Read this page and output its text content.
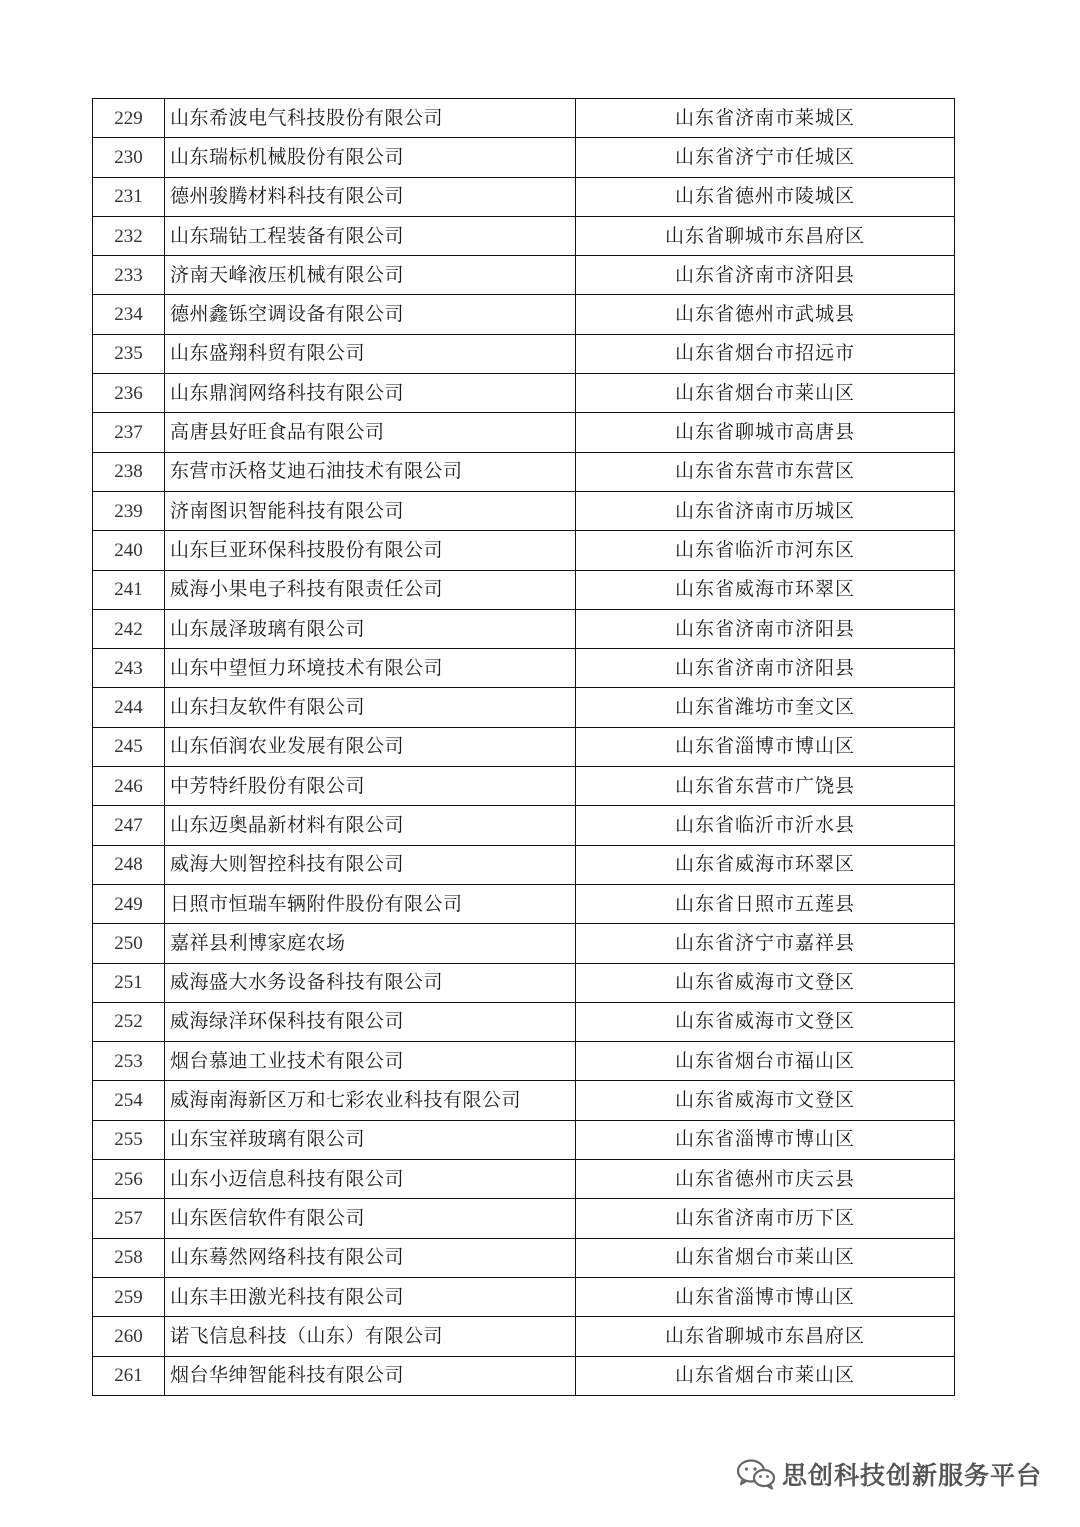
229	山东希波电气科技股份有限公司	山东省济南市莱城区
230	山东瑞标机械股份有限公司	山东省济宁市任城区
231	德州骏腾材料科技有限公司	山东省德州市陵城区
232	山东瑞钻工程装备有限公司	山东省聊城市东昌府区
233	济南天峰液压机械有限公司	山东省济南市济阳县
234	德州鑫铄空调设备有限公司	山东省德州市武城县
235	山东盛翔科贸有限公司	山东省烟台市招远市
236	山东鼎润网络科技有限公司	山东省烟台市莱山区
237	高唐县好旺食品有限公司	山东省聊城市高唐县
238	东营市沃格艾迪石油技术有限公司	山东省东营市东营区
239	济南图识智能科技有限公司	山东省济南市历城区
240	山东巨亚环保科技股份有限公司	山东省临沂市河东区
241	威海小果电子科技有限责任公司	山东省威海市环翠区
242	山东晟泽玻璃有限公司	山东省济南市济阳县
243	山东中望恒力环境技术有限公司	山东省济南市济阳县
244	山东扫友软件有限公司	山东省潍坊市奎文区
245	山东佰润农业发展有限公司	山东省淄博市博山区
246	中芳特纤股份有限公司	山东省东营市广饶县
247	山东迈奥晶新材料有限公司	山东省临沂市沂水县
248	威海大则智控科技有限公司	山东省威海市环翠区
249	日照市恒瑞车辆附件股份有限公司	山东省日照市五莲县
250	嘉祥县利博家庭农场	山东省济宁市嘉祥县
251	威海盛大水务设备科技有限公司	山东省威海市文登区
252	威海绿洋环保科技有限公司	山东省威海市文登区
253	烟台慕迪工业技术有限公司	山东省烟台市福山区
254	威海南海新区万和七彩农业科技有限公司	山东省威海市文登区
255	山东宝祥玻璃有限公司	山东省淄博市博山区
256	山东小迈信息科技有限公司	山东省德州市庆云县
257	山东医信软件有限公司	山东省济南市历下区
258	山东蓦然网络科技有限公司	山东省烟台市莱山区
259	山东丰田激光科技有限公司	山东省淄博市博山区
260	诺飞信息科技（山东）有限公司	山东省聊城市东昌府区
261	烟台华绅智能科技有限公司	山东省烟台市莱山区
思创科技创新服务平台
